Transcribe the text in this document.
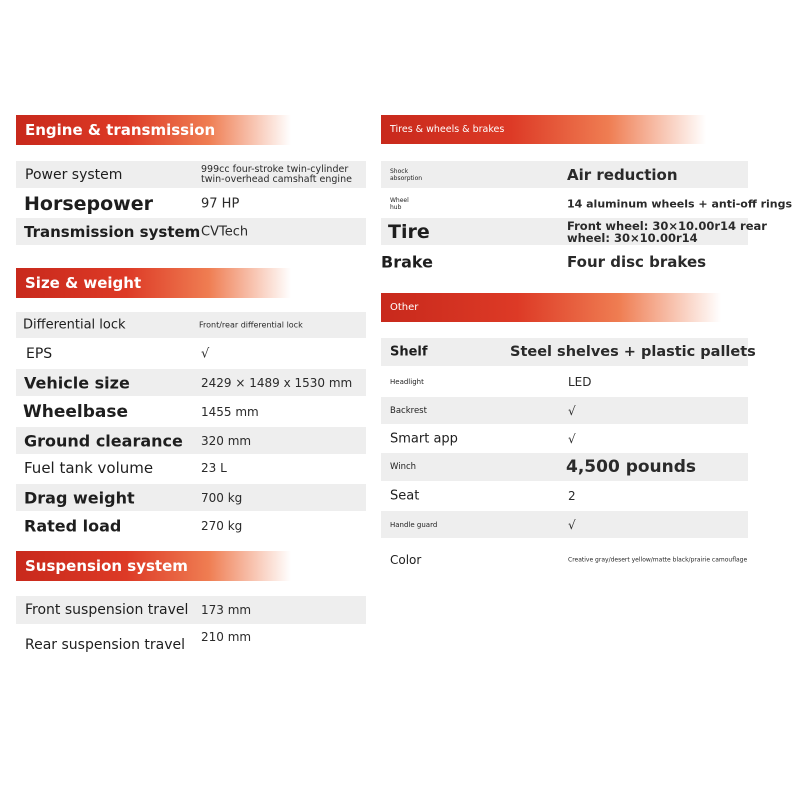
Engine & transmission
Power system	999cc four-stroke twin-cylinder
twin-overhead camshaft engine
Horsepower	97 HP
Transmission system CVTech
Size & weight
Differential lock	Front/rear differential lock
EPS	√
Vehicle size	2429 × 1489 x 1530 mm
Wheelbase	1455 mm
Ground clearance 320 mm
Fuel tank volume	23 L
Drag weight	700 kg
Rated load	270 kg
Suspension system
Front suspension travel 173 mm
Rear suspension travel 210 mm
Tires & wheels & brakes
Shock
absorption	Air reduction
Wheel
hub	14 aluminum wheels + anti-off rings
Tire	Front wheel: 30×10.00r14 rear
wheel: 30×10.00r14
Brake	Four disc brakes
Other
Shelf	Steel shelves + plastic pallets
Headlight	LED
Backrest	√
Smart app	√
Winch	4,500 pounds
Seat	2
Handle guard	√
Color	Creative gray/desert yellow/matte black/prairie camouflage
